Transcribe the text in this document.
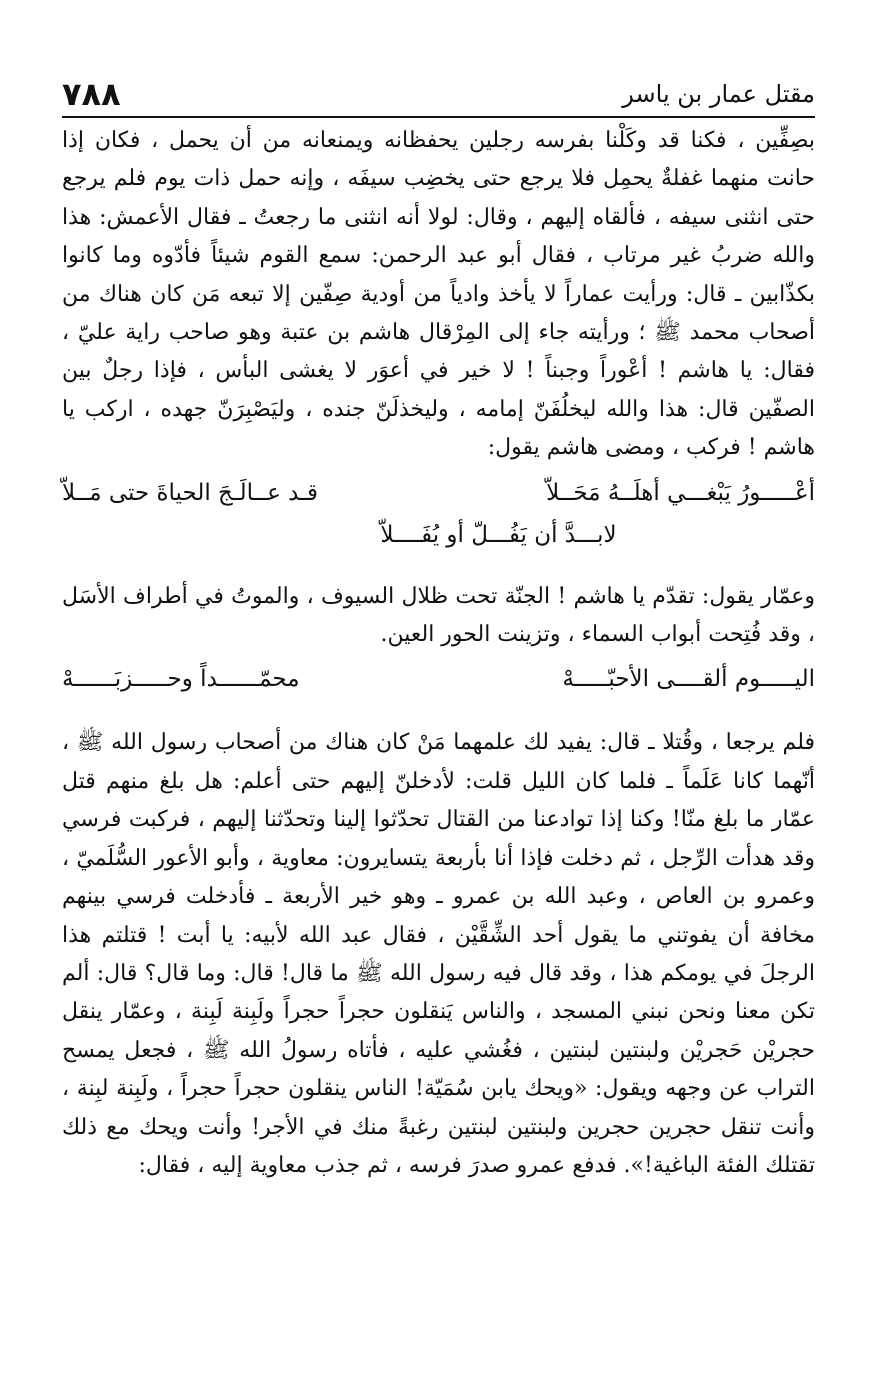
مقتل عمار بن ياسر
٧٨٨

بصِفِّين ، فكنا قد وكَلْنا بفرسه رجلين يحفظانه ويمنعانه من أن يحمل ، فكان إذا حانت منهما غفلةٌ يحمِل فلا يرجع حتى يخضِب سيفَه ، وإنه حمل ذات يوم فلم يرجع حتى انثنى سيفه ، فألقاه إليهم ، وقال: لولا أنه انثنى ما رجعتُ ـ فقال الأعمش: هذا والله ضربُ غير مرتاب ، فقال أبو عبد الرحمن: سمع القوم شيئاً فأدّوه وما كانوا بكذّابين ـ قال: ورأيت عماراً لا يأخذ وادياً من أودية صِفّين إلا تبعه مَن كان هناك من أصحاب محمد ﷺ ؛ ورأيته جاء إلى المِرْقال هاشم بن عتبة وهو صاحب راية عليّ ، فقال: يا هاشم ! أعْوراً وجبناً ! لا خير في أعوَر لا يغشى البأس ، فإذا رجلٌ بين الصفّين قال: هذا والله ليخلُفَنّ إمامه ، وليخذلَنّ جنده ، وليَصْبِرَنّ جهده ، اركب يا هاشم ! فركب ، ومضى هاشم يقول:

أعْـــــورُ يَبْغـــي أهلَــهُ مَحَــلاّ
قـد عــالَـجَ الحياةَ حتى مَــلاّ
لابـــدَّ أن يَفُـــلّ أو يُفَــــلاّ

وعمّار يقول: تقدّم يا هاشم ! الجنّة تحت ظلال السيوف ، والموتُ في أطراف الأسَل ، وقد فُتِحت أبواب السماء ، وتزينت الحور العين.

اليـــــوم ألقــــى الأحبّـــــهْ
محمّــــــداً وحـــــزبَــــــهْ

فلم يرجعا ، وقُتلا ـ قال: يفيد لك علمهما مَنْ كان هناك من أصحاب رسول الله ﷺ ، أنّهما كانا عَلَماً ـ فلما كان الليل قلت: لأدخلنّ إليهم حتى أعلم: هل بلغ منهم قتل عمّار ما بلغ منّا! وكنا إذا توادعنا من القتال تحدّثوا إلينا وتحدّثنا إليهم ، فركبت فرسي وقد هدأت الرِّجل ، ثم دخلت فإذا أنا بأربعة يتسايرون: معاوية ، وأبو الأعور السُّلَميّ ، وعمرو بن العاص ، وعبد الله بن عمرو ـ وهو خير الأربعة ـ فأدخلت فرسي بينهم مخافة أن يفوتني ما يقول أحد الشِّقَّيْن ، فقال عبد الله لأبيه: يا أبت ! قتلتم هذا الرجلَ في يومكم هذا ، وقد قال فيه رسول الله ﷺ ما قال! قال: وما قال؟ قال: ألم تكن معنا ونحن نبني المسجد ، والناس يَنقلون حجراً حجراً ولَبِنة لَبِنة ، وعمّار ينقل حجريْن حَجريْن ولبنتين لبنتين ، فغُشي عليه ، فأتاه رسولُ الله ﷺ ، فجعل يمسح التراب عن وجهه ويقول: «ويحك يابن سُمَيّة! الناس ينقلون حجراً حجراً ، ولَبِنة لبِنة ، وأنت تنقل حجرين حجرين ولبنتين لبنتين رغبةً منك في الأجر! وأنت ويحك مع ذلك تقتلك الفئة الباغية!». فدفع عمرو صدرَ فرسه ، ثم جذب معاوية إليه ، فقال:
